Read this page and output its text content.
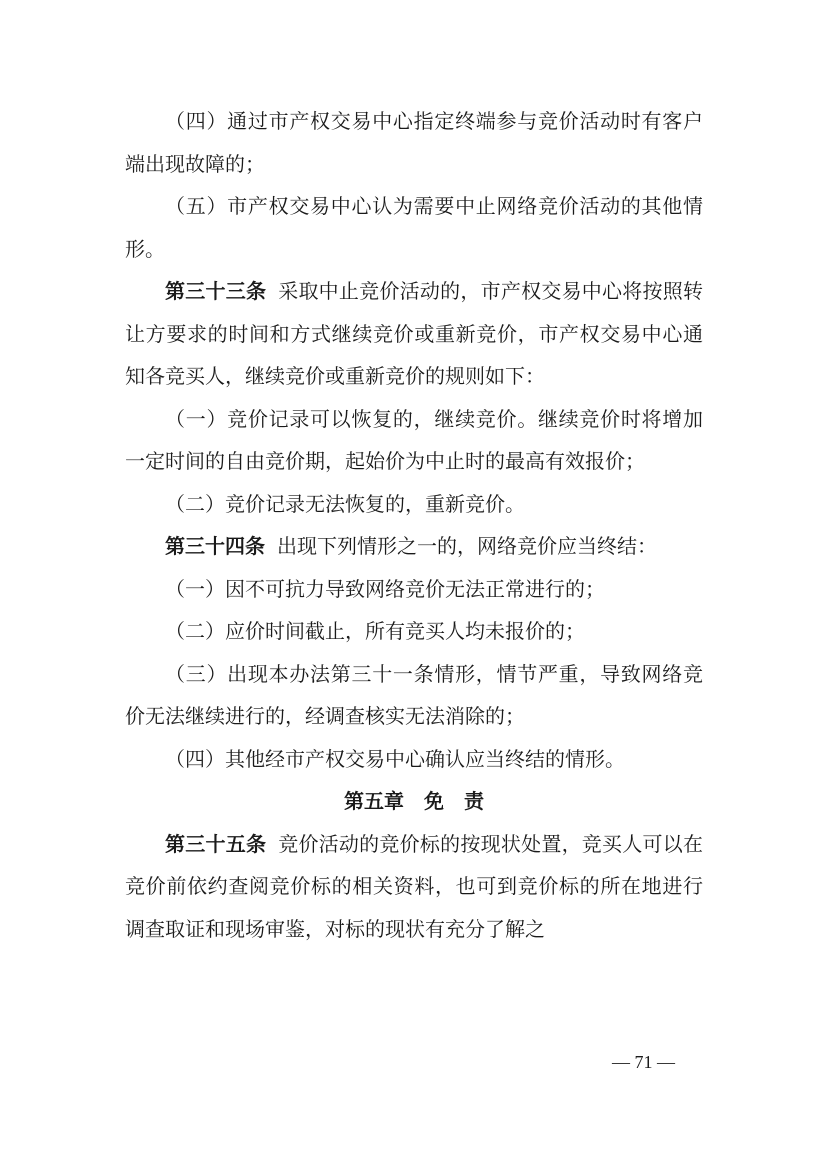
（四）通过市产权交易中心指定终端参与竞价活动时有客户端出现故障的；

（五）市产权交易中心认为需要中止网络竞价活动的其他情形。

第三十三条 采取中止竞价活动的，市产权交易中心将按照转让方要求的时间和方式继续竞价或重新竞价，市产权交易中心通知各竞买人，继续竞价或重新竞价的规则如下：

（一）竞价记录可以恢复的，继续竞价。继续竞价时将增加一定时间的自由竞价期，起始价为中止时的最高有效报价；

（二）竞价记录无法恢复的，重新竞价。

第三十四条 出现下列情形之一的，网络竞价应当终结：

（一）因不可抗力导致网络竞价无法正常进行的；

（二）应价时间截止，所有竞买人均未报价的；

（三）出现本办法第三十一条情形，情节严重，导致网络竞价无法继续进行的，经调查核实无法消除的；

（四）其他经市产权交易中心确认应当终结的情形。

第五章 免　责

第三十五条 竞价活动的竞价标的按现状处置，竞买人可以在竞价前依约查阅竞价标的相关资料，也可到竞价标的所在地进行调查取证和现场审鉴，对标的现状有充分了解之

— 71 —
